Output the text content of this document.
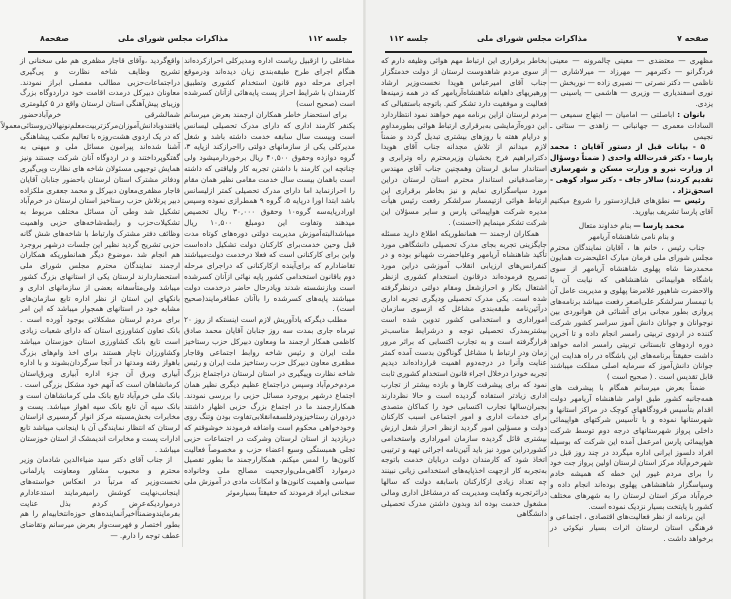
صفحه۸	مذاکرات مجلس شورای ملی	جلسه ۱۱۲	جلسه ۱۱۲	مذاکرات مجلس شورای ملی	صفحه ۷

مظهری — معتضدی — معینی چالمرونه — معینی فردگرانو — دکترمهر — مهرزاد — میرلاشاری — ناظمی — دکتر نصرتی — نصیری زاده — نوربخش — نوری اسفندیاری — وزیری — هاشمی — یاسینی — یزدی.

بانوان : اباصلتی — امامیان — ابتهاج سمیعی — السادات معمری — جهانبانی — زاهدی — ستاتی ـ نجیمی

۵ - بیانات قبل از دستور آقایان : محمد پارسا - دکتر قدرت‌الله واحدی ( ضمناً دوسؤال از وزارت نیرو و وزارت مسکن و شهرسازی تقدیم کردند) سالار جاف - دکتر سواد کوهی - اسحق‌نژاد .

رئیس — نطق‌های قبل‌ازدستور را شروع میکنیم آقای پارسا تشریف بیاورید.

محمد پارسا — بنام خداوند متعال

و بنام نامی شاهنشاه آریامهر

جناب رئیس ، خانم ها ، آقایان نمایندگان محترم مجلس شورای ملی فرمان مبارک اعلیحضرت همایون محمدرضا شاه پهلوی شاهنشاه آریامهر از سوی باشگاه هوابیمائی شاهنشاهی که نیابت آن با والاحضرت شاهپور غلامرضا پهلوی و مدیریت عامل آن با تیمسار سرلشکر علی‌اصغر رفعت میباشد برنامه‌های پروازی بطور مجانی برای آشنائی فن هوانوردی بین نوجوانان و جوانان دانش آموز سراسر کشور شرکت کننده در اردوی تربیتی رامسر انجام داده و تا آخرین دوره اردوهای تابستانی تربیتی رامسر ادامه خواهد داشت حقیقتاً برنامه‌های این باشگاه در راه هدایت این جوانان دانش‌آموز که سرمایه اصلی مملکت میباشند قابل تقدیس است . ( صحیح است )

ضمناً بعرض میرسانم همگام با پیشرفت های همه‌جانبه کشور طبق اوامر شاهنشاه آریامهر دولت اقدام بتأسیس فرودگاههای کوچک در مراکز استانها و شهرستانها نموده و با تأسیس شرکتهای هواپیمائی داخلی پرواز شهرستانهای درجه دوم توسط شرکت هواپیمائی پارس امرعمل آمده این شرکت که بوسیله افراد دلسوز ایرانی اداره میگردد در چند روز قبل در شهرخرم‌آباد مرکز استان لرستان اولین پرواز جت خود را برای مردم غیور این خطه که همیشه خادم وسپاسگزار شاهنشاهی پهلوی بوده‌اند انجام داده و خرم‌آباد مرکز استان لرستان را به شهرهای مختلف کشور با پایتخت بسیار نزدیک نموده است.

این برنامه از نظر فعالیت‌های اقتصادی ، اجتماعی و فرهنگی استان لرستان اثرات بسیار نیکوئی در برخواهد داشت .

بخاطر برقراری این ارتباط مهم هوائی وظیفه دارم که از سوی مردم شاهدوست لرستان از دولت خدمتگزار جناب آقای امیرعباس هویدا نخست‌وزیر ارشاد ورهبریهای داهیانه شاهنشاه‌آریامهر که در همه زمینه‌ها فعالیت و موفقیت دارد تشکر کنم. باتوجه باستقبالی که مردم لرستان ازاین برنامه مهم خواهند نمود انتظاردارد این دوره‌آزمایشی به‌برقراری ارتباط هوائی بطورمداوم و درایام هفته با روزهای بیشتری تبدیل گردد و ضمناً لازم میدانم از تلاش مجدانه جناب آقای هویدا دکترابراهیم فرح بخشیان وزیرمحترم راه وترابری و استاندار سابق لرستان وهمچنین جناب آقای مهندس رضاصدقیانی استاندار محترم استان لرستان دراین مورد سپاسگزاری نمایم و نیز بخاطر برقراری این ارتباط هوائی ازتیمسار سرلشکر رفعت رئیس هیأت مدیره شرکت هواپیمائی پارس و سایر مسؤلان این شرکت تشکر مینمایم (احسنت) .

همکاران ارجمند — همانطوریکه اطلاع دارید مسئله جایگزینی تجربه بجای مدرک تحصیلی دانشگاهی مورد تأکید شاهنشاه آریامهر وعلیاحضرت شهبانو بوده و در کنفرانس‌های ارزیابی انقلاب آموزشی دراین مورد تصریح فرموده‌اند درقانون استخدام کشوری ازنظر اشتغال بکار و احرازشغل ومقام دولتی درنظرگرفته شده است. یکی مدرک تحصیلی ودیگری تجربه اداری درآئین‌نامه طبقه‌بندی مشاغل که ازسوی سازمان اموراداری و استخدامی کشور تدوین شده است بیشتربمدرک تحصیلی توجه و درشرایط مناسب‌تر قرارگرفته است و به تجارب اکتسابی که براثر مرور زمان ودر ارتباط با مشاغل گوناگون بدست آمده کمتر عنایت وآنرا در درجه‌دوم اهمیت قرارداده‌اند دیدیم تجربه خودرا درخلال اجراء قانون استخدام کشوری ثابت نمود که برای پیشرفت کارها و بازده بیشتر از تجارب اداری زیادتر استفاده گردیده است و حالا نظردارند بجبران‌سالها تجارب اکتسابی خود را کماکان متصدی برای خدمات اداری و امور اجتماعی اسبب کارکنان دولت و مسؤلین امور گردید ازنظر احراز شغل ارزش بیشتری قائل گردیده سازمان اموراداری واستخدامی کشوردراین مورد نیز باید آئین‌نامه اجرائی تهیه و ترتیبی اتخاذ شود که کارمندان دولت دربایان خدمت باتوجه به‌تجربه کار ازجهت اخذپایه‌های استخدامی زیانی نبینند چه تعداد زیادی ازکارکنان باسابقه دولت که سالها درائرتجربه وکفایت ومدیریت که درمشاغل اداری ومالی مشغول خدمت بوده اند وبدون داشتن مدرک تحصیلی دانشگاهی

مشاغلی را ازقبیل ریاست اداره ومدیرکلی احرازکرده‌اند هنگام اجرای طرح طبقه‌بندی زیان دیده‌اند ودرموقع اجرای مرحله دوم قانون استخدام کشوری وتطبیق کارمندان با شرایط احراز پست پایه‌هائی ازآنان کسرشده است (صحیح است)

برای استحضار خاطر همکاران ارجمند بعرض میرسانم یکنفر کارمند اداری که دارای مدرک تحصیلی لیسانس است وبیست سال سابقه خدمت داشته باشد و شغل مدیرکلی یکی از سازمانهای دولتی رااحرازکند ازپایه ۳، گروه دوازده وحقوق ۴۰,۵۰۰ ریال برخوردارمیشود ولی چنانچه این کارمند با داشتن تجربه کار ولیاقتی که داشته است باهمان بیست سال خدمت مقامی نظیر همان مقام را احرازنماید اما دارای مدرک تحصیلی کمتر ازلیسانس باشد ابتدا اورا درپایه ۵، گروه ۹ همطرازی نموده وسپس اورادرپایه‌سه گروه۱۰ وحقوق ۳۰,۰۰۰ ریال تخصیص میدهند وتفاوت این دومبلغ ۱۰,۵۰۰ ریال میباشدالبته‌آموزش مدیریت دولتی دوره‌های کوتاه مدت قبل وحین خدمت‌برای کارکنان دولت تشکیل داده‌است واین برای کارکنانی است که فعلا درخدمت دولت‌میباشند تقاضادارم که برای‌آینده ازکارکنانی که دراجرای مرحله دوم باقانون استخدامی کشور پایه نهائی ازآنان کسرشده است وبازنشسته شدند ویادرحال حاضر درخدمت دولت میباشند پایه‌های کسرشده را باآنان عطافرمایند(صحیح است) .

مطلب دیگرکه یادآوریش لازم است اینستکه از روز ۲۰ تیرماه جاری بمدت سه روز جنابان آقایان محمد صادق کاظمی همکار ارجمند ما ومعاون دبیرکل حزب رستاخیز ملت ایران و رئیس شاخه روابط اجتماعی وقاجار مظفری معاون دبیرکل حزب رستاخیز ملت ایران و رئیس شاخه نظارت وپیگیری در استان لرستان دراجتماع بزرگ مردم‌خرم‌آباد وسپس دراجتماع عظیم دیگری نظیر همان اجتماع درشهر بروجرد مسائل حزبی را بررسی نمودند. همکارارجمند ما در اجتماع بزرگ حزبی اظهار داشتند دردوران رستاخیزودرفلسفه‌انقلابی‌تفاوت بودن وتنگ روی وخودخواهی محکوم است واضافه فرمودند خوشوقتم که دربازدید از استان لرستان وشرکت در اجتماعات حزبی تجلی همبستگی وسیع اعضاء حزب و مخصوصاً فعالیت کانون‌ها را لمس میکنم. همکارارجمند ما بطور تفصیل درموارد آگاهی‌ملی‌وارجحیت مصالح ملی وخانواده سیاسی واهمیت کانون‌ها و امکانات مادی در آموزش ملی سخنانی ایراد فرمودند که حقیقتاً بسیارموثر

واقع‌گردید ،وآقای قاجار مظفری هم طی سخنانی از تشریح وظایف شاخه نظارت و پی‌گیری دراجتماعات‌حزبی مطالب مفصلی ابراز نمودند. معاونان دبیرکل درمدت اقامت خود دراردوگاه بزرگ وزیبای پیش‌آهنگی استان لرستان واقع در ۵ کیلومتری شمالشرقی خرم‌آبادحضور یافتندوبادانش‌آموزان‌مرکزتربیت‌معلم‌نونهالان‌روستائی‌معمولاً که در یک اردوی هشت‌روزه با تعالیم مکتب پیشاهنگی آشنا شده‌اند پیرامون مسائل ملی و میهنی به گفتگوپرداختند و در اردوگاه آنان شرکت جستند ونیز همایش توجیهی مسئولان شاخه های نظارت وپی‌گیری ودفاتر مشترک استان لرستان باحضور جنابان آقایان قاجار مظفری‌معاون دبیرکل و محمد جعفری ملکزاده دبیر پرتلاش حزب رستاخیز استان لرستان در خرم‌آباد تشکیل شد وطی آن مسائل مختلف مربوط به تشکیلات‌حزب و رابطه‌شاخه‌های حزبی واهمیت وظائف دفتر مشترک وارتباط با شاخه‌های شش گانه حزبی تشریح گردید نظیر این جلسات درشهر بروجرد هم انجام شد ،موضوع دیگر همانطوریکه همکاران ارجمند نمایندگان محترم مجلس شورای ملی استحضاردارند لرستان یکی از استانهای بزرگ کشور میباشد ولی‌متأسفانه بعضی از سازمانهای اداری و بانکهای این استان از نظر اداره تابع سازمان‌های مشابه خود در استانهای همجوار میباشد که این امر برای مردم لرستان مشکلاتی بوجود آورده است . بانک تعاون کشاورزی استان که دارای شعبات زیادی است تابع بانک کشاورزی استان خوزستان میباشد وکشاورزان ناچار هستند برای اخذ وام‌های بزرگ باهواز رفته ومدتها در آنجا سرگردان‌بشوند و با اداره آبیاری وبرق آن جزء اداره آبیاری وبرق‌استان کرمانشاهان است که آنهم خود مشکل بزرگی است . بانک ملی خرم‌آباد تابع بانک ملی کرمانشاهان است و بانک سپه آن تابع بانک سپه اهواز میباشد. پست و مخابرات بخش‌مسبته مرکز انوار گرمسیری ازاستان لرستان که انتظار نمایندگی آن با اینجانب میباشد تابع ادارات پست و مخابرات اندیمشک از استان خوزستان میباشد .

از جناب آقای دکتر سید ضیاءالدین شادمان وزیر محترم و محبوب مشاور ومعاونت پارلمانی نخست‌وزیر که مرتباً در انعکاس خواسته‌های اینجانب‌نهایت کوشش رامیفرمایند استدعادارم درمواردیکه‌عرض کردم بذل عنایت بفرمایند‌وضمناً‌اخیراًنماینده‌های حوزه‌انتخابیه‌ام را هم بطور اختصار و فهرست‌وار بعرض میرسانم وتقاضای عطف توجه را دارم. —
